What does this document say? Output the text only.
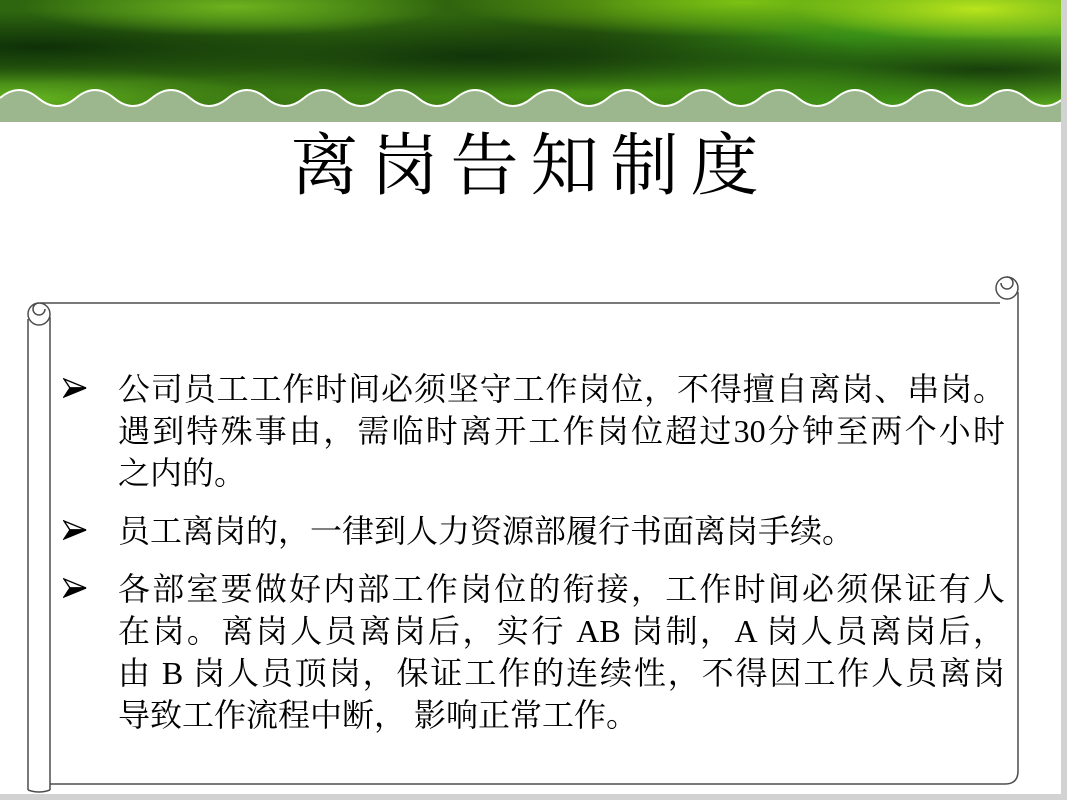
离岗告知制度
公司员工工作时间必须坚守工作岗位，不得擅自离岗、串岗。
遇到特殊事由，需临时离开工作岗位超过30分钟至两个小时
之内的。
员工离岗的，一律到人力资源部履行书面离岗手续。
各部室要做好内部工作岗位的衔接，工作时间必须保证有人
在岗。离岗人员离岗后，实行 AB 岗制，A 岗人员离岗后，
由 B 岗人员顶岗，保证工作的连续性，不得因工作人员离岗
导致工作流程中断， 影响正常工作。
